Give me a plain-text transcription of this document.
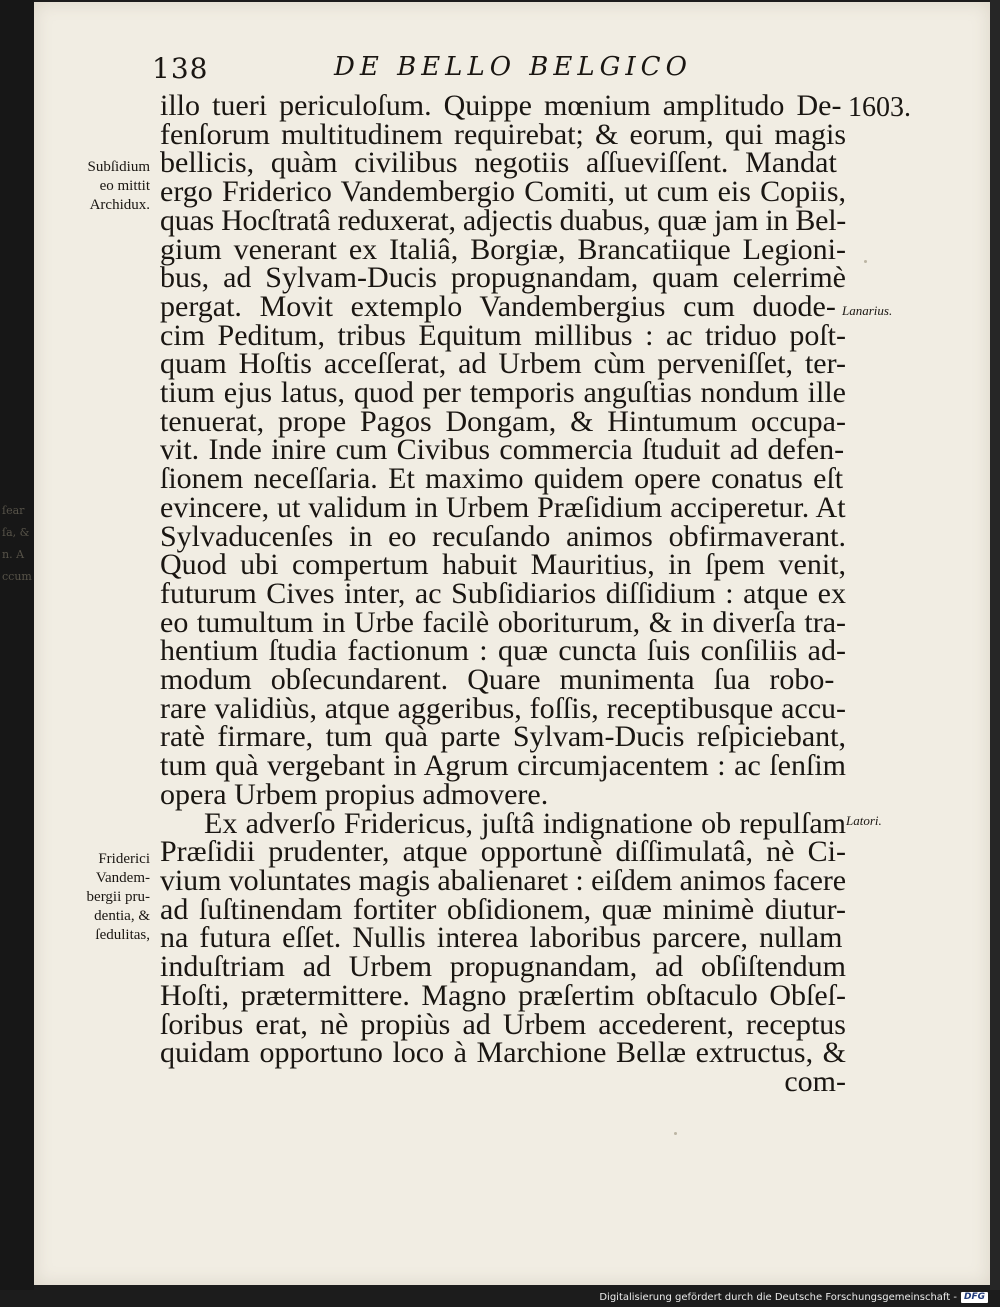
ſear
ſa, &
n. A
ccum
138	DE BELLO BELGICO
1603.
Lanarius.
Latori.
Subſidium
eo mittit
Archidux.
Friderici
Vandem-
bergii pru-
dentia, &
ſedulitas,
illo tueri periculoſum. Quippe mœnium amplitudo De-
fenſorum multitudinem requirebat; & eorum, qui magis
bellicis, quàm civilibus negotiis aſſueviſſent. Mandat
ergo Friderico Vandembergio Comiti, ut cum eis Copiis,
quas Hocſtratâ reduxerat, adjectis duabus, quæ jam in Bel-
gium venerant ex Italiâ, Borgiæ, Brancatiique Legioni-
bus, ad Sylvam-Ducis propugnandam, quam celerrimè
pergat. Movit extemplo Vandembergius cum duode-
cim Peditum, tribus Equitum millibus : ac triduo poſt-
quam Hoſtis acceſſerat, ad Urbem cùm perveniſſet, ter-
tium ejus latus, quod per temporis anguſtias nondum ille
tenuerat, prope Pagos Dongam, & Hintumum occupa-
vit. Inde inire cum Civibus commercia ſtuduit ad defen-
ſionem neceſſaria. Et maximo quidem opere conatus eſt
evincere, ut validum in Urbem Præſidium acciperetur. At
Sylvaducenſes in eo recuſando animos obfirmaverant.
Quod ubi compertum habuit Mauritius, in ſpem venit,
futurum Cives inter, ac Subſidiarios diſſidium : atque ex
eo tumultum in Urbe facilè oboriturum, & in diverſa tra-
hentium ſtudia factionum : quæ cuncta ſuis conſiliis ad-
modum obſecundarent. Quare munimenta ſua robo-
rare validiùs, atque aggeribus, foſſis, receptibusque accu-
ratè firmare, tum quà parte Sylvam-Ducis reſpiciebant,
tum quà vergebant in Agrum circumjacentem : ac ſenſim
opera Urbem propius admovere.
Ex adverſo Fridericus, juſtâ indignatione ob repulſam
Præſidii prudenter, atque opportunè diſſimulatâ, nè Ci-
vium voluntates magis abalienaret : eiſdem animos facere
ad ſuſtinendam fortiter obſidionem, quæ minimè diutur-
na futura eſſet. Nullis interea laboribus parcere, nullam
induſtriam ad Urbem propugnandam, ad obſiſtendum
Hoſti, prætermittere. Magno præſertim obſtaculo Obſeſ-
ſoribus erat, nè propiùs ad Urbem accederent, receptus
quidam opportuno loco à Marchione Bellæ extructus, &
com-
Digitalisierung gefördert durch die Deutsche Forschungsgemeinschaft - DFG
